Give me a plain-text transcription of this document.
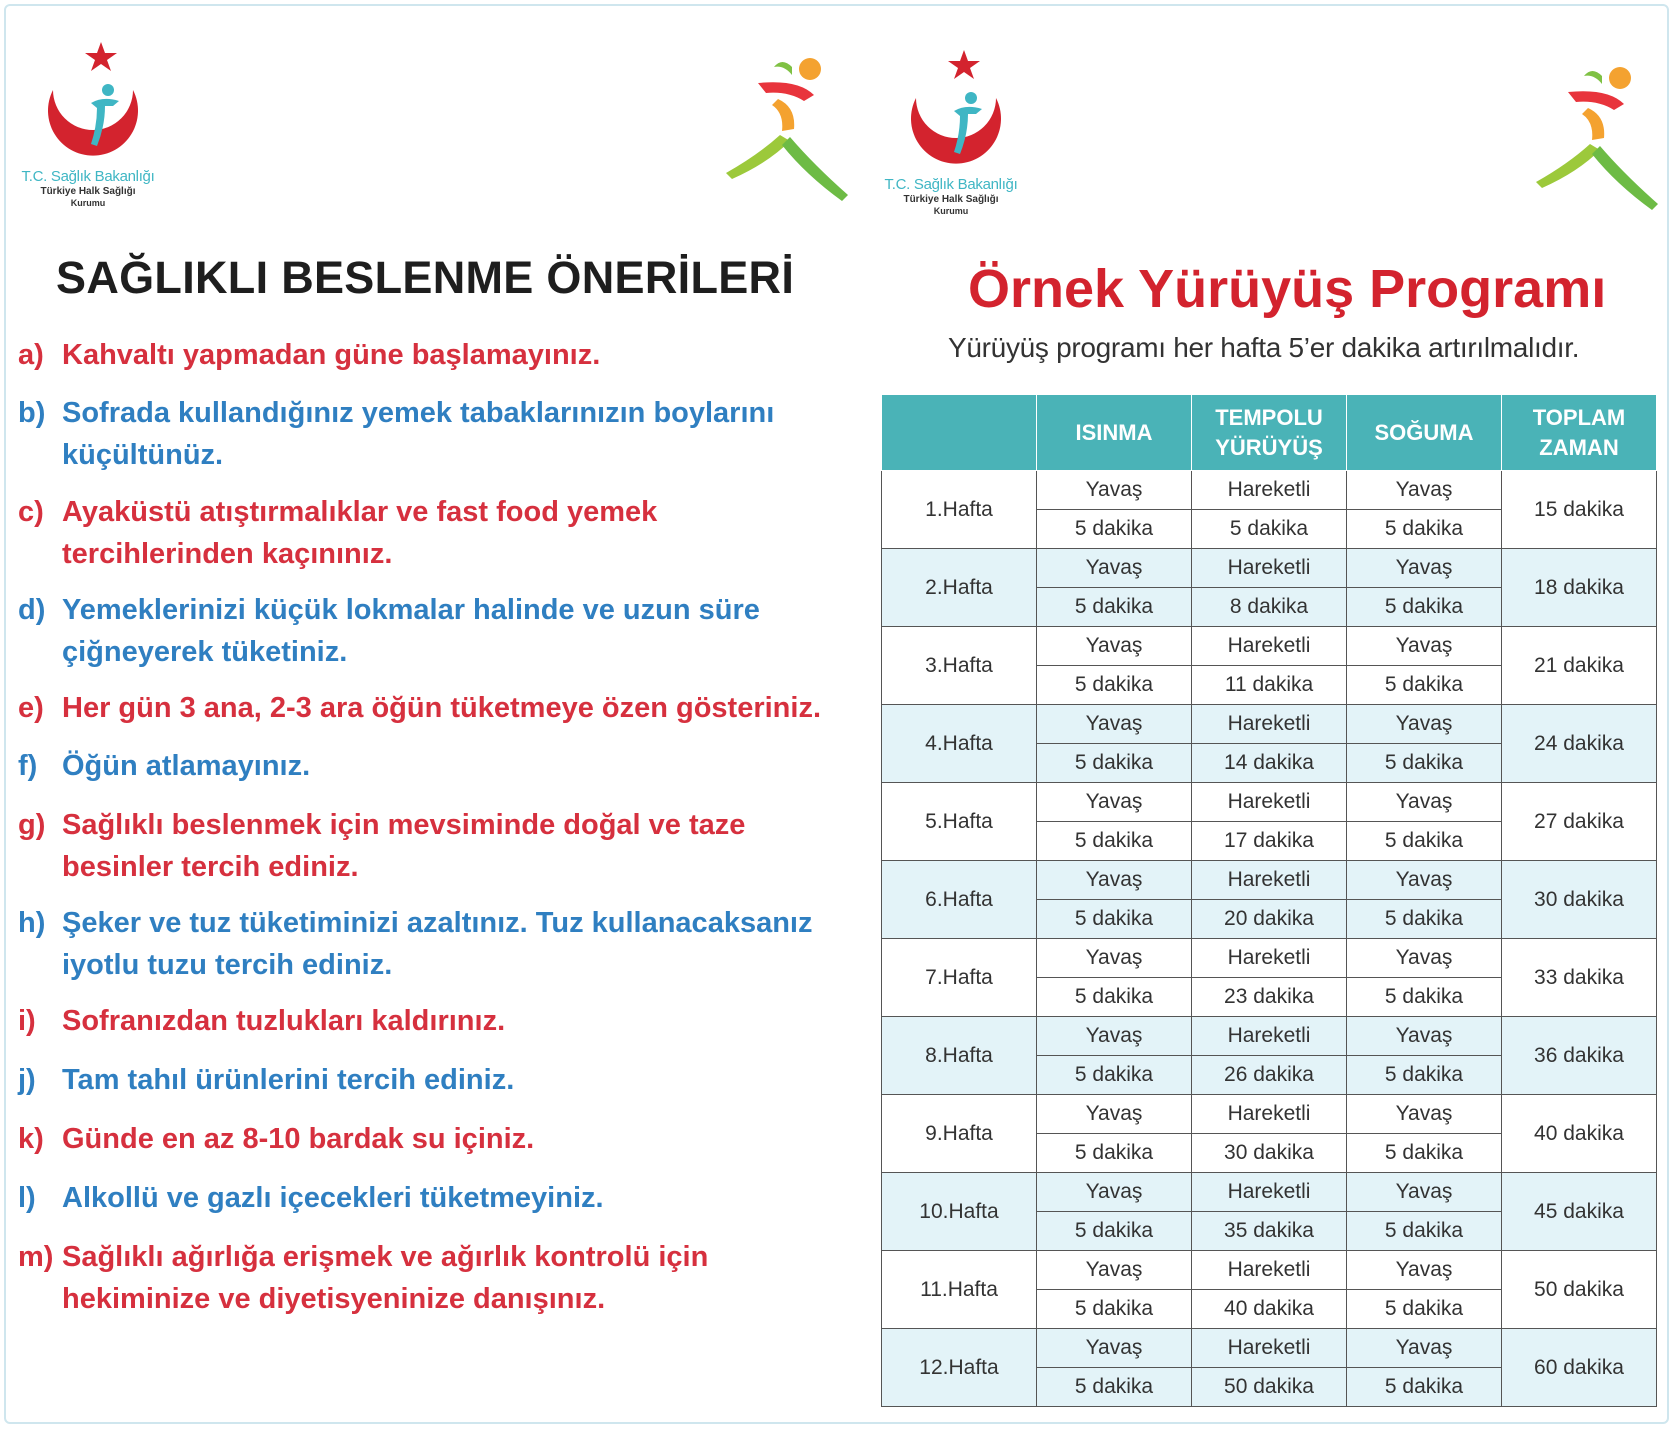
T.C. Sağlık Bakanlığı
Türkiye Halk Sağlığı
Kurumu
T.C. Sağlık Bakanlığı
Türkiye Halk Sağlığı
Kurumu
SAĞLIKLI BESLENME ÖNERİLERİ
a) Kahvaltı yapmadan güne başlamayınız.
b) Sofrada kullandığınız yemek tabaklarınızın boylarını küçültünüz.
c) Ayaküstü atıştırmalıklar ve fast food yemek tercihlerinden kaçınınız.
d) Yemeklerinizi küçük lokmalar halinde ve uzun süre çiğneyerek tüketiniz.
e) Her gün 3 ana, 2-3 ara öğün tüketmeye özen gösteriniz.
f) Öğün atlamayınız.
g) Sağlıklı beslenmek için mevsiminde doğal ve taze besinler tercih ediniz.
h) Şeker ve tuz tüketiminizi azaltınız. Tuz kullanacaksanız iyotlu tuzu tercih ediniz.
i) Sofranızdan tuzlukları kaldırınız.
j) Tam tahıl ürünlerini tercih ediniz.
k) Günde en az 8-10 bardak su içiniz.
l) Alkollü ve gazlı içecekleri tüketmeyiniz.
m) Sağlıklı ağırlığa erişmek ve ağırlık kontrolü için hekiminize ve diyetisyeninize danışınız.
Örnek Yürüyüş Programı
Yürüyüş programı her hafta 5’er dakika artırılmalıdır.
	ISINMA	TEMPOLU YÜRÜYÜŞ	SOĞUMA	TOPLAM ZAMAN

1.Hafta	Yavaş	Hareketli	Yavaş	15 dakika
	5 dakika	5 dakika	5 dakika	
2.Hafta	Yavaş	Hareketli	Yavaş	18 dakika
	5 dakika	8 dakika	5 dakika	
3.Hafta	Yavaş	Hareketli	Yavaş	21 dakika
	5 dakika	11 dakika	5 dakika	
4.Hafta	Yavaş	Hareketli	Yavaş	24 dakika
	5 dakika	14 dakika	5 dakika	
5.Hafta	Yavaş	Hareketli	Yavaş	27 dakika
	5 dakika	17 dakika	5 dakika	
6.Hafta	Yavaş	Hareketli	Yavaş	30 dakika
	5 dakika	20 dakika	5 dakika	
7.Hafta	Yavaş	Hareketli	Yavaş	33 dakika
	5 dakika	23 dakika	5 dakika	
8.Hafta	Yavaş	Hareketli	Yavaş	36 dakika
	5 dakika	26 dakika	5 dakika	
9.Hafta	Yavaş	Hareketli	Yavaş	40 dakika
	5 dakika	30 dakika	5 dakika	
10.Hafta	Yavaş	Hareketli	Yavaş	45 dakika
	5 dakika	35 dakika	5 dakika	
11.Hafta	Yavaş	Hareketli	Yavaş	50 dakika
	5 dakika	40 dakika	5 dakika	
12.Hafta	Yavaş	Hareketli	Yavaş	60 dakika
	5 dakika	50 dakika	5 dakika	
